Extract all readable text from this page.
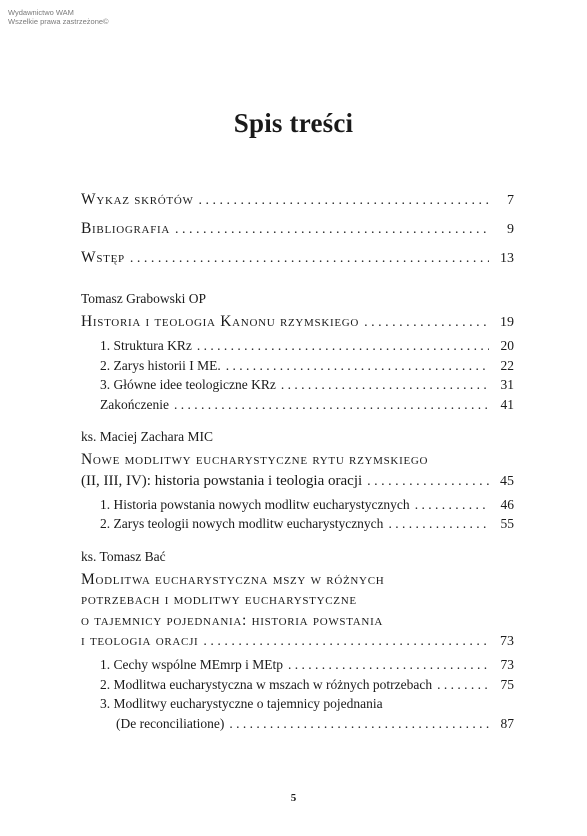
Wydawnictwo WAM
Wszelkie prawa zastrzeżone©
Spis treści
Wykaz skrótów . . .	7
Bibliografia . . .	9
Wstęp . . .	13
Tomasz Grabowski OP
Historia i teologia Kanonu rzymskiego . . .	19
1. Struktura KRz . . .	20
2. Zarys historii I ME. . . .	22
3. Główne idee teologiczne KRz . . .	31
Zakończenie . . .	41
ks. Maciej Zachara MIC
Nowe modlitwy eucharystyczne rytu rzymskiego
(II, III, IV): historia powstania i teologia oracji . . .	45
1. Historia powstania nowych modlitw eucharystycznych . . .	46
2. Zarys teologii nowych modlitw eucharystycznych . . .	55
ks. Tomasz Bać
Modlitwa eucharystyczna mszy w różnych
potrzebach i modlitwy eucharystyczne
o tajemnicy pojednania: historia powstania
i teologia oracji . . .	73
1. Cechy wspólne MEmrp i MEtp . . .	73
2. Modlitwa eucharystyczna w mszach w różnych potrzebach . . .	75
3. Modlitwy eucharystyczne o tajemnicy pojednania
(De reconciliatione) . . .	87
5
